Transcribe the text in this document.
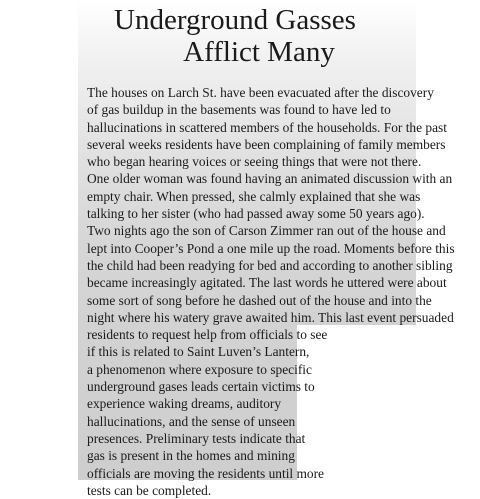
Underground Gasses
Afflict Many
The houses on Larch St. have been evacuated after the discovery
of gas buildup in the basements was found to have led to
hallucinations in scattered members of the households. For the past
several weeks residents have been complaining of family members
who began hearing voices or seeing things that were not there.
One older woman was found having an animated discussion with an
empty chair. When pressed, she calmly explained that she was
talking to her sister (who had passed away some 50 years ago).
Two nights ago the son of Carson Zimmer ran out of the house and
lept into Cooper’s Pond a one mile up the road. Moments before this
the child had been readying for bed and according to another sibling
became increasingly agitated. The last words he uttered were about
some sort of song before he dashed out of the house and into the
night where his watery grave awaited him. This last event persuaded
residents to request help from officials to see
if this is related to Saint Luven’s Lantern,
a phenomenon where exposure to specific
underground gases leads certain victims to
experience waking dreams, auditory
hallucinations, and the sense of unseen
presences. Preliminary tests indicate that
gas is present in the homes and mining
officials are moving the residents until more
tests can be completed.
